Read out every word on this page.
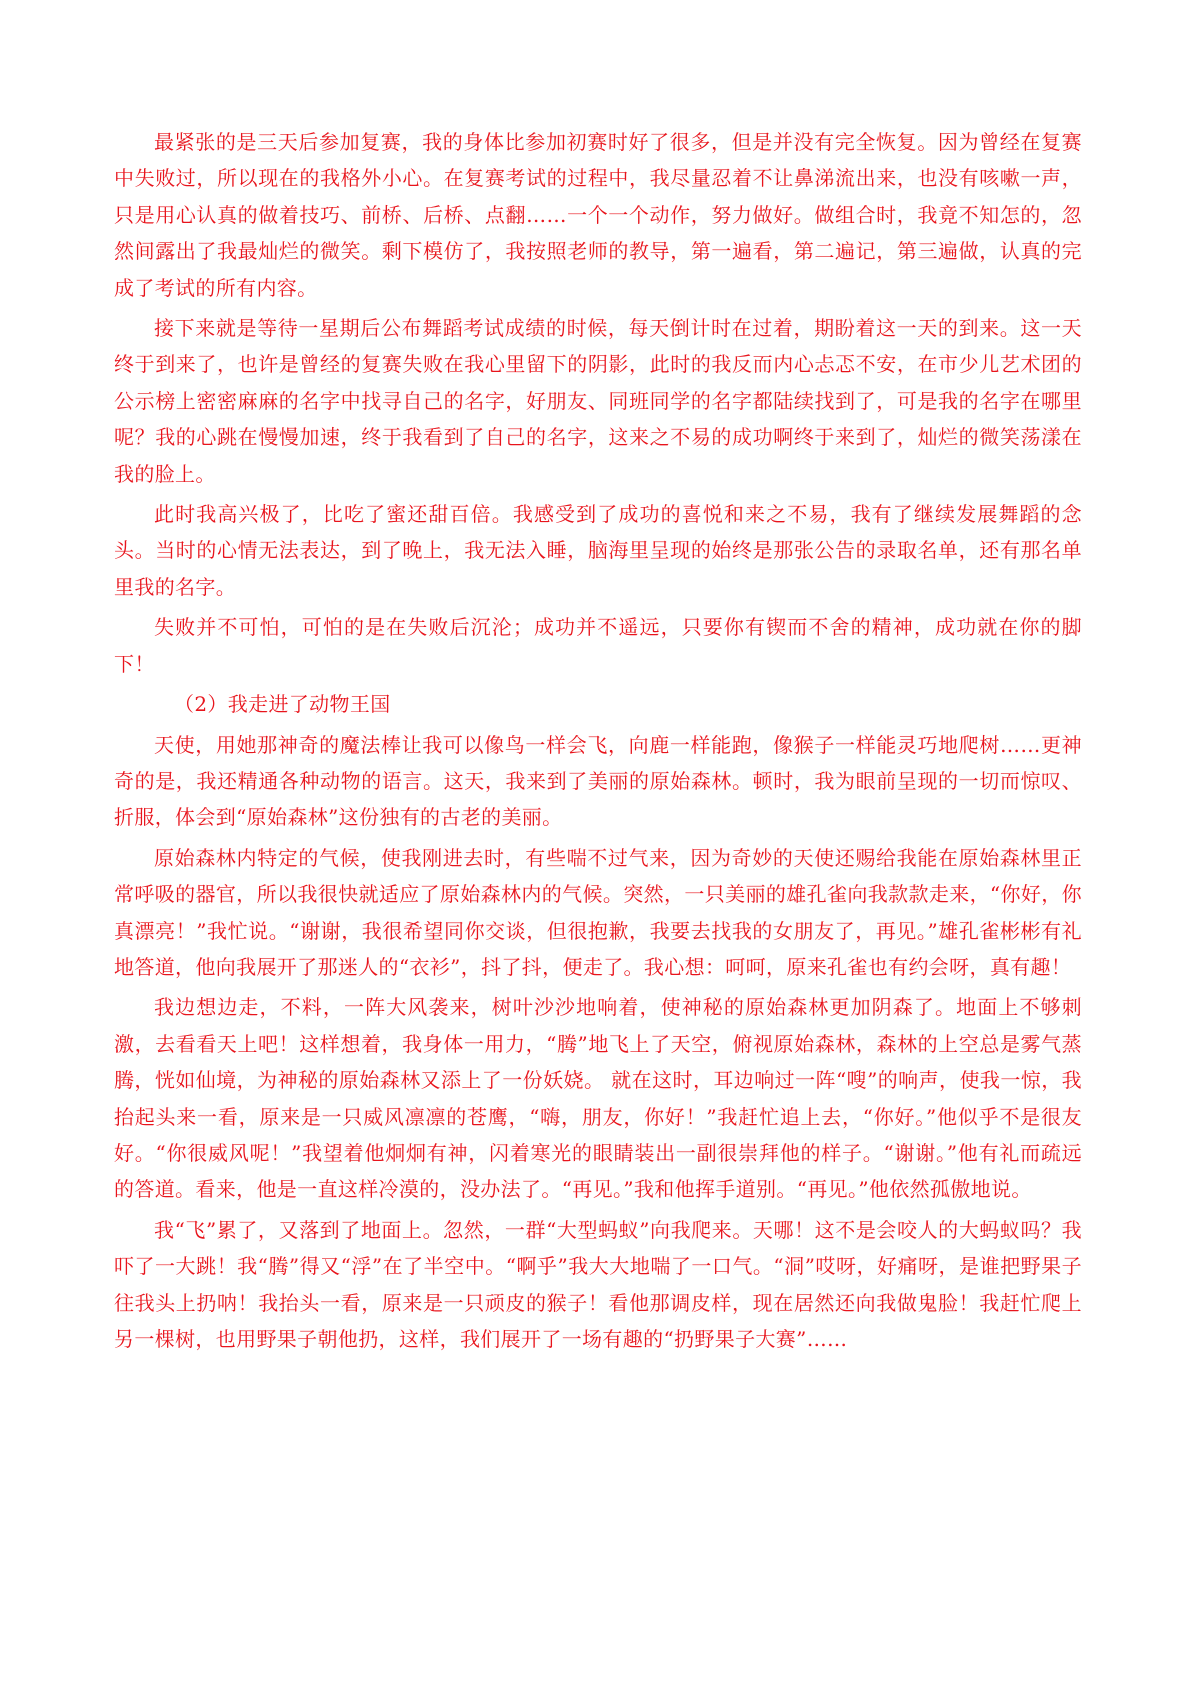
最紧张的是三天后参加复赛，我的身体比参加初赛时好了很多，但是并没有完全恢复。因为曾经在复赛中失败过，所以现在的我格外小心。在复赛考试的过程中，我尽量忍着不让鼻涕流出来，也没有咳嗽一声，只是用心认真的做着技巧、前桥、后桥、点翻……一个一个动作，努力做好。做组合时，我竟不知怎的，忽然间露出了我最灿烂的微笑。剩下模仿了，我按照老师的教导，第一遍看，第二遍记，第三遍做，认真的完成了考试的所有内容。

接下来就是等待一星期后公布舞蹈考试成绩的时候，每天倒计时在过着，期盼着这一天的到来。这一天终于到来了，也许是曾经的复赛失败在我心里留下的阴影，此时的我反而内心忐忑不安，在市少儿艺术团的公示榜上密密麻麻的名字中找寻自己的名字，好朋友、同班同学的名字都陆续找到了，可是我的名字在哪里呢？我的心跳在慢慢加速，终于我看到了自己的名字，这来之不易的成功啊终于来到了，灿烂的微笑荡漾在我的脸上。

此时我高兴极了，比吃了蜜还甜百倍。我感受到了成功的喜悦和来之不易，我有了继续发展舞蹈的念头。当时的心情无法表达，到了晚上，我无法入睡，脑海里呈现的始终是那张公告的录取名单，还有那名单里我的名字。

失败并不可怕，可怕的是在失败后沉沦；成功并不遥远，只要你有锲而不舍的精神，成功就在你的脚下！

（2）我走进了动物王国

天使，用她那神奇的魔法棒让我可以像鸟一样会飞，向鹿一样能跑，像猴子一样能灵巧地爬树……更神奇的是，我还精通各种动物的语言。这天，我来到了美丽的原始森林。顿时，我为眼前呈现的一切而惊叹、折服，体会到“原始森林”这份独有的古老的美丽。

原始森林内特定的气候，使我刚进去时，有些喘不过气来，因为奇妙的天使还赐给我能在原始森林里正常呼吸的器官，所以我很快就适应了原始森林内的气候。突然，一只美丽的雄孔雀向我款款走来，“你好，你真漂亮！”我忙说。“谢谢，我很希望同你交谈，但很抱歉，我要去找我的女朋友了，再见。”雄孔雀彬彬有礼地答道，他向我展开了那迷人的“衣衫”，抖了抖，便走了。我心想：呵呵，原来孔雀也有约会呀，真有趣！

我边想边走，不料，一阵大风袭来，树叶沙沙地响着，使神秘的原始森林更加阴森了。地面上不够刺激，去看看天上吧！这样想着，我身体一用力，“腾”地飞上了天空，俯视原始森林，森林的上空总是雾气蒸腾，恍如仙境，为神秘的原始森林又添上了一份妖娆。 就在这时，耳边响过一阵“嗖”的响声，使我一惊，我抬起头来一看，原来是一只威风凛凛的苍鹰，“嗨，朋友，你好！”我赶忙追上去，“你好。”他似乎不是很友好。“你很威风呢！”我望着他炯炯有神，闪着寒光的眼睛装出一副很崇拜他的样子。“谢谢。”他有礼而疏远的答道。看来，他是一直这样冷漠的，没办法了。“再见。”我和他挥手道别。“再见。”他依然孤傲地说。

我“飞”累了，又落到了地面上。忽然，一群“大型蚂蚁”向我爬来。天哪！这不是会咬人的大蚂蚁吗？我吓了一大跳！我“腾”得又“浮”在了半空中。“啊乎”我大大地喘了一口气。“洞”哎呀，好痛呀，是谁把野果子往我头上扔呐！我抬头一看，原来是一只顽皮的猴子！看他那调皮样，现在居然还向我做鬼脸！我赶忙爬上另一棵树，也用野果子朝他扔，这样，我们展开了一场有趣的“扔野果子大赛”……
